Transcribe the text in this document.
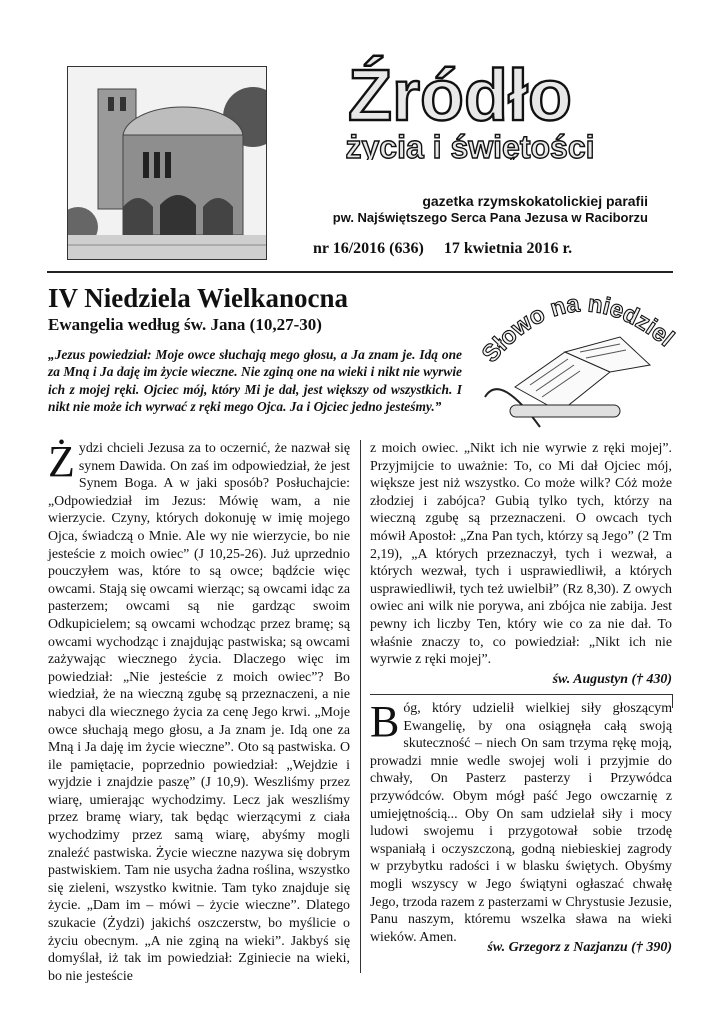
Źródło
życia i świętości
gazetka rzymskokatolickiej parafii
pw. Najświętszego Serca Pana Jezusa w Raciborzu
nr 16/2016 (636) 17 kwietnia 2016 r.
IV Niedziela Wielkanocna
Ewangelia według św. Jana (10,27-30)

„Jezus powiedział: Moje owce słuchają mego głosu, a Ja znam je. Idą one za Mną i Ja daję im życie wieczne. Nie zginą one na wieki i nikt nie wyrwie ich z mojej ręki. Ojciec mój, który Mi je dał, jest większy od wszystkich. I nikt nie może ich wyrwać z ręki mego Ojca. Ja i Ojciec jedno jesteśmy.”

Słowo na niedziel

Żydzi chcieli Jezusa za to oczernić, że nazwał się synem Dawida. On zaś im odpowiedział, że jest Synem Boga. A w jaki sposób? Posłuchajcie: „Odpowiedział im Jezus: Mówię wam, a nie wierzycie. Czyny, których dokonuję w imię mojego Ojca, świadczą o Mnie. Ale wy nie wierzycie, bo nie jesteście z moich owiec” (J 10,25-26). Już uprzednio pouczyłem was, które to są owce; bądźcie więc owcami. Stają się owcami wierząc; są owcami idąc za pasterzem; owcami są nie gardząc swoim Odkupicielem; są owcami wchodząc przez bramę; są owcami wychodząc i znajdując pastwiska; są owcami zażywając wiecznego życia. Dlaczego więc im powiedział: „Nie jesteście z moich owiec”? Bo wiedział, że na wieczną zgubę są przeznaczeni, a nie nabyci dla wiecznego życia za cenę Jego krwi. „Moje owce słuchają mego głosu, a Ja znam je. Idą one za Mną i Ja daję im życie wieczne”. Oto są pastwiska. O ile pamiętacie, poprzednio powiedział: „Wejdzie i wyjdzie i znajdzie paszę” (J 10,9). Weszliśmy przez wiarę, umierając wychodzimy. Lecz jak weszliśmy przez bramę wiary, tak będąc wierzącymi z ciała wychodzimy przez samą wiarę, abyśmy mogli znaleźć pastwiska. Życie wieczne nazywa się dobrym pastwiskiem. Tam nie usycha żadna roślina, wszystko się zieleni, wszystko kwitnie. Tam tyko znajduje się życie. „Dam im – mówi – życie wieczne”. Dlatego szukacie (Żydzi) jakichś oszczerstw, bo myślicie o życiu obecnym. „A nie zginą na wieki”. Jakbyś się domyślał, iż tak im powiedział: Zginiecie na wieki, bo nie jesteście

z moich owiec. „Nikt ich nie wyrwie z ręki mojej”. Przyjmijcie to uważnie: To, co Mi dał Ojciec mój, większe jest niż wszystko. Co może wilk? Cóż może złodziej i zabójca? Gubią tylko tych, którzy na wieczną zgubę są przeznaczeni. O owcach tych mówił Apostoł: „Zna Pan tych, którzy są Jego” (2 Tm 2,19), „A których przeznaczył, tych i wezwał, a których wezwał, tych i usprawiedliwił, a których usprawiedliwił, tych też uwielbił” (Rz 8,30). Z owych owiec ani wilk nie porywa, ani zbójca nie zabija. Jest pewny ich liczby Ten, który wie co za nie dał. To właśnie znaczy to, co powiedział: „Nikt ich nie wyrwie z ręki mojej”.

św. Augustyn († 430)

Bóg, który udzielił wielkiej siły głoszącym Ewangelię, by ona osiągnęła całą swoją skuteczność – niech On sam trzyma rękę moją, prowadzi mnie wedle swojej woli i przyjmie do chwały, On Pasterz pasterzy i Przywódca przywódców. Obym mógł paść Jego owczarnię z umiejętnością... Oby On sam udzielał siły i mocy ludowi swojemu i przygotował sobie trzodę wspaniałą i oczyszczoną, godną niebieskiej zagrody w przybytku radości i w blasku świętych. Obyśmy mogli wszyscy w Jego świątyni ogłaszać chwałę Jego, trzoda razem z pasterzami w Chrystusie Jezusie, Panu naszym, któremu wszelka sława na wieki wieków. Amen.

św. Grzegorz z Nazjanzu († 390)
